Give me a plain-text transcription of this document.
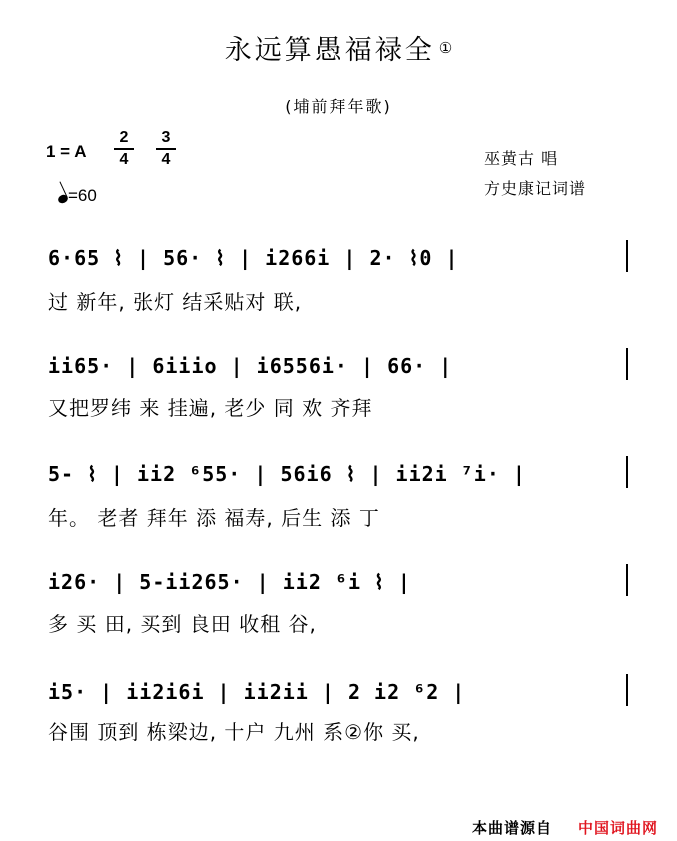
永远算愚福禄全 ①
(埔前拜年歌)
1 = A
2
4
3
4
=60
巫黄古 唱
方史康记词谱
6·65 ⌇ | 56· ⌇ | i266i | 2· ⌇0 |
过 新年, 张灯 结采贴对 联,
ii65· | 6iiio | i6556i· | 66· |
又把罗纬 来 挂遍, 老少 同 欢 齐拜
5- ⌇ | ii2 ⁶55· | 56i6 ⌇ | ii2i ⁷i· |
年。 老者 拜年 添 福寿, 后生 添 丁
i26· | 5-ii265· | ii2 ⁶i ⌇ |
多 买 田, 买到 良田 收租 谷,
i5· | ii2i6i | ii2ii | 2 i2 ⁶2 |
谷围 顶到 栋梁边, 十户 九州 系②你 买,
本曲谱源自 中国词曲网
